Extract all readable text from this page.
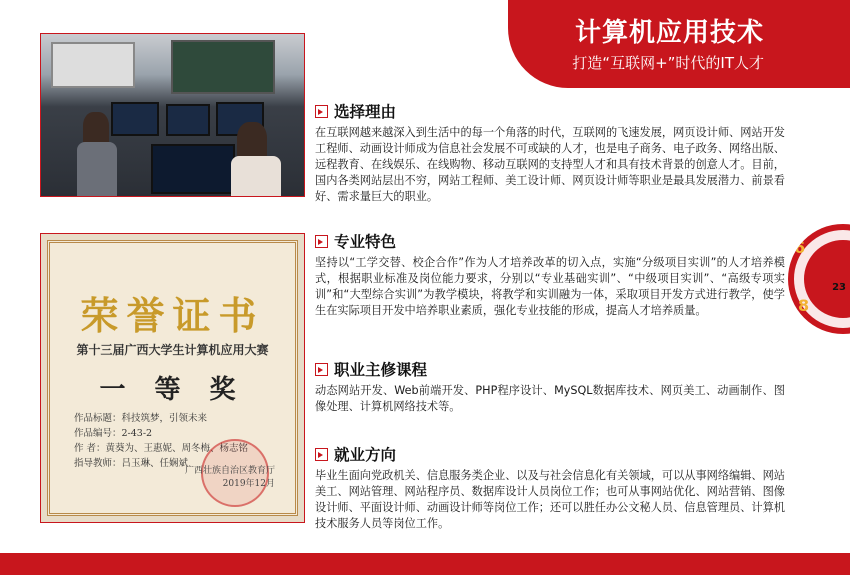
计算机应用技术
打造“互联网+”时代的IT人才
荣誉证书
第十三届广西大学生计算机应用大赛
一 等 奖
作品标题：科技筑梦，引领未来
作品编号：2-43-2
作 者：黄葵为、王惠妮、周冬梅、杨志铭
指导教师：吕玉琳、任娴斌
广西壮族自治区教育厅
2019年12月
选择理由
在互联网越来越深入到生活中的每一个角落的时代，互联网的飞速发展，网页设计师、网站开发工程师、动画设计师成为信息社会发展不可或缺的人才，也是电子商务、电子政务、网络出版、远程教育、在线娱乐、在线购物、移动互联网的支持型人才和具有技术背景的创意人才。目前，国内各类网站层出不穷，网站工程师、美工设计师、网页设计师等职业是最具发展潜力、前景看好、需求量巨大的职业。
专业特色
坚持以“工学交替、校企合作”作为人才培养改革的切入点，实施“分级项目实训”的人才培养模式，根据职业标准及岗位能力要求，分别以“专业基础实训”、“中级项目实训”、“高级专项实训”和“大型综合实训”为教学模块，将教学和实训融为一体，采取项目开发方式进行教学，使学生在实际项目开发中培养职业素质，强化专业技能的形成，提高人才培养质量。
职业主修课程
动态网站开发、Web前端开发、PHP程序设计、MySQL数据库技术、网页美工、动画制作、图像处理、计算机网络技术等。
就业方向
毕业生面向党政机关、信息服务类企业、以及与社会信息化有关领域，可以从事网络编辑、网站美工、网站管理、网站程序员、数据库设计人员岗位工作；也可从事网站优化、网站营销、图像设计师、平面设计师、动画设计师等岗位工作；还可以胜任办公文秘人员、信息管理员、计算机技术服务人员等岗位工作。
6
8
23
